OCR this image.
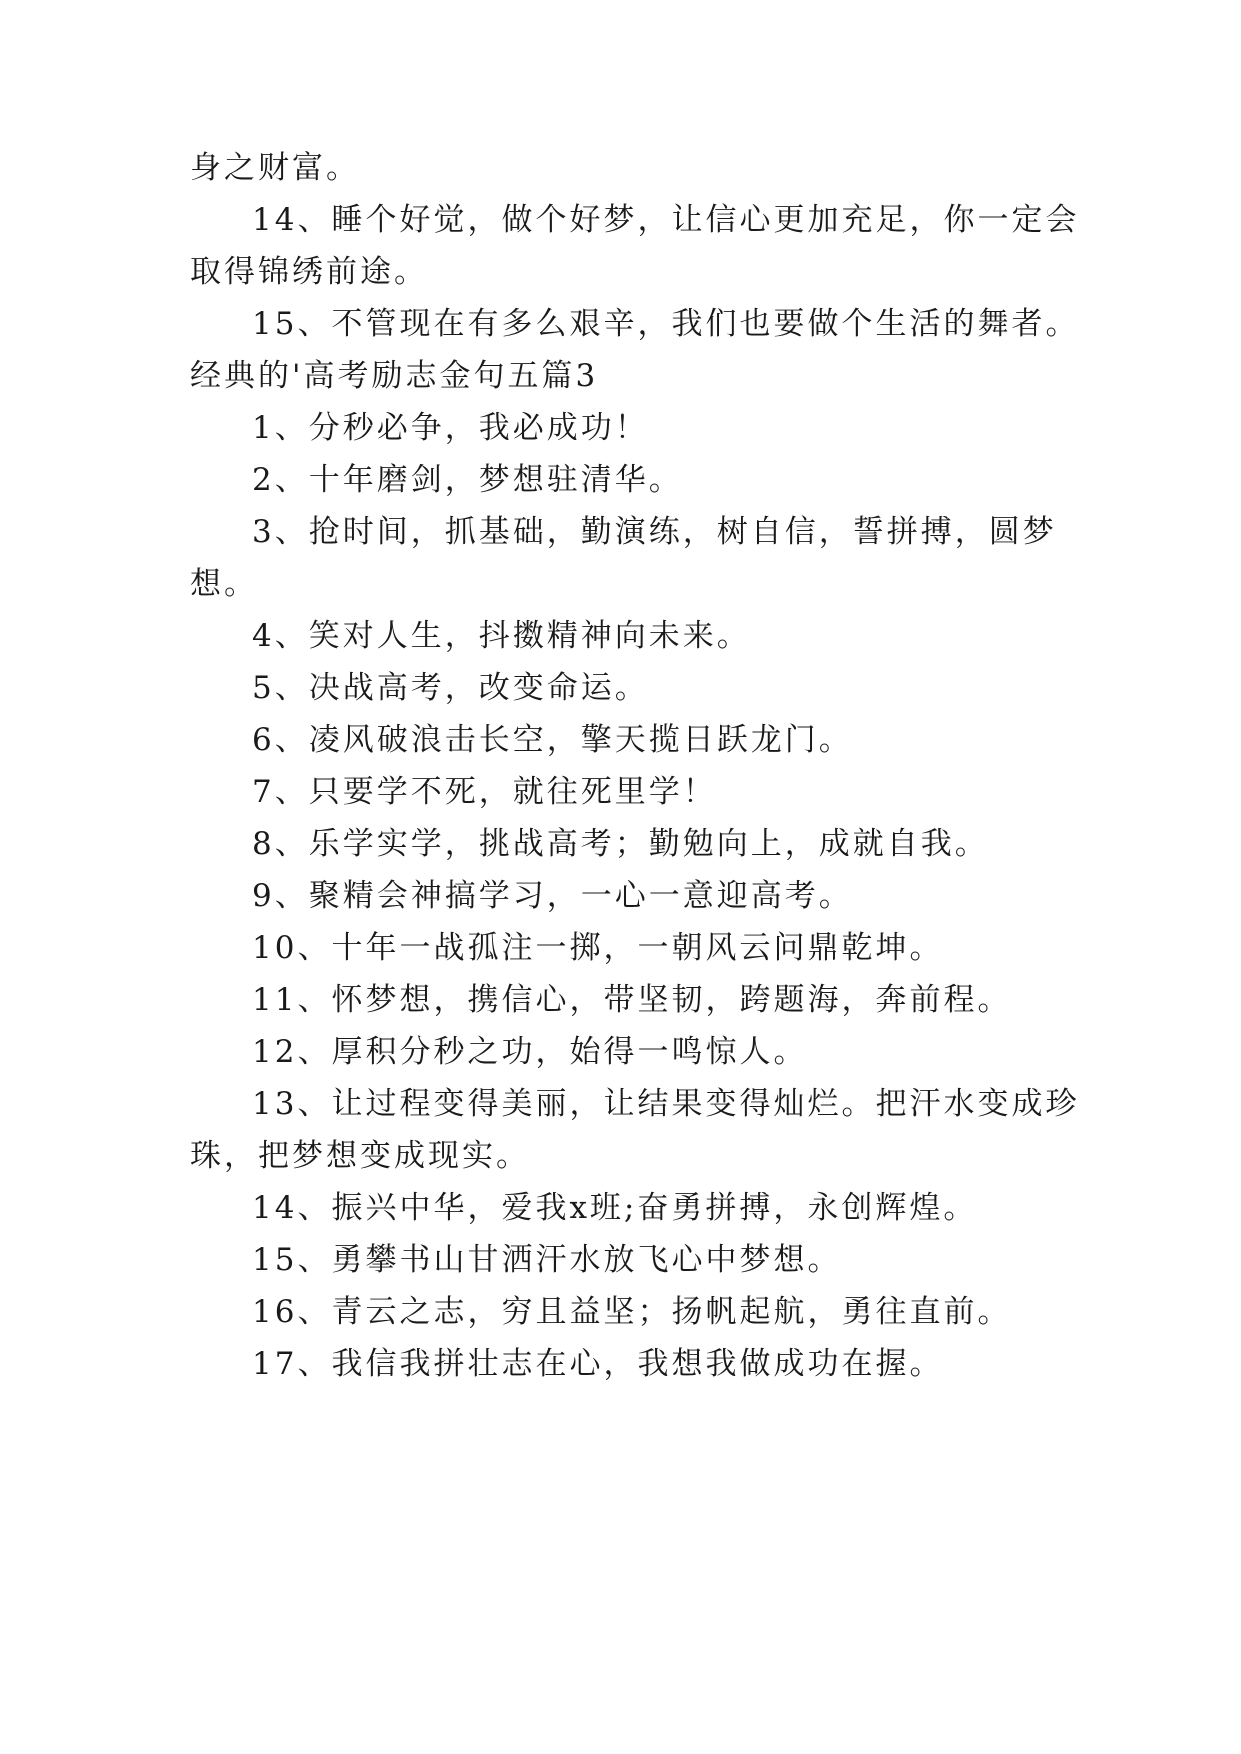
身之财富。
14、睡个好觉，做个好梦，让信心更加充足，你一定会
取得锦绣前途。
15、不管现在有多么艰辛，我们也要做个生活的舞者。
经典的'高考励志金句五篇3
1、分秒必争，我必成功！
2、十年磨剑，梦想驻清华。
3、抢时间，抓基础，勤演练，树自信，誓拼搏，圆梦
想。
4、笑对人生，抖擞精神向未来。
5、决战高考，改变命运。
6、凌风破浪击长空，擎天揽日跃龙门。
7、只要学不死，就往死里学！
8、乐学实学，挑战高考；勤勉向上，成就自我。
9、聚精会神搞学习，一心一意迎高考。
10、十年一战孤注一掷，一朝风云问鼎乾坤。
11、怀梦想，携信心，带坚韧，跨题海，奔前程。
12、厚积分秒之功，始得一鸣惊人。
13、让过程变得美丽，让结果变得灿烂。把汗水变成珍
珠，把梦想变成现实。
14、振兴中华，爱我x班;奋勇拼搏，永创辉煌。
15、勇攀书山甘洒汗水放飞心中梦想。
16、青云之志，穷且益坚；扬帆起航，勇往直前。
17、我信我拼壮志在心，我想我做成功在握。
